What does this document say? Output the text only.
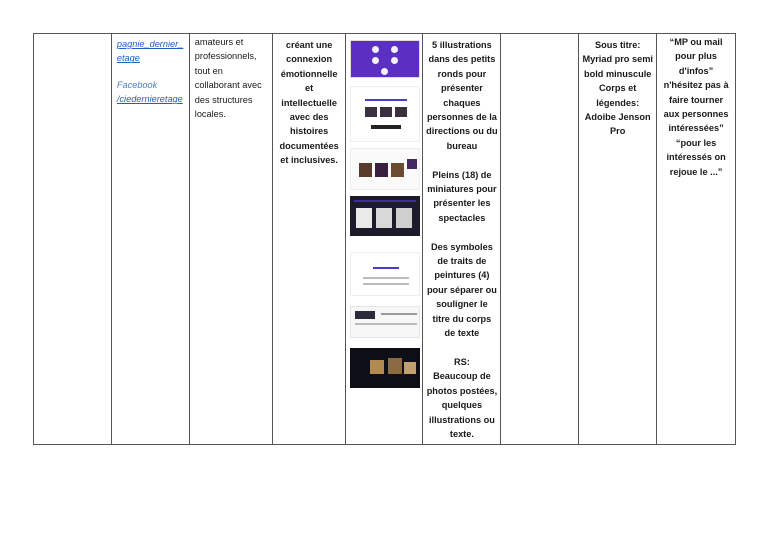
pagnie_dernier_
etage
Facebook
/ciedernieretage
amateurs et
professionnels,
tout en
collaborant avec
des structures
locales.
créant une
connexion
émotionnelle
et
intellectuelle
avec des
histoires
documentées
et inclusives.
5 illustrations
dans des petits
ronds pour
présenter
chaques
personnes de la
directions ou du
bureau
Pleins (18) de
miniatures pour
présenter les
spectacles
Des symboles
de traits de
peintures (4)
pour séparer ou
souligner le
titre du corps
de texte
RS:
Beaucoup de
photos postées,
quelques
illustrations ou
texte.
Sous titre:
Myriad pro semi
bold minuscule
Corps et
légendes:
Adoibe Jenson
Pro
“MP ou mail
pour plus
d'infos”
n'hésitez pas à
faire tourner
aux personnes
intéressées”
“pour les
intéressés on
rejoue le ...”
